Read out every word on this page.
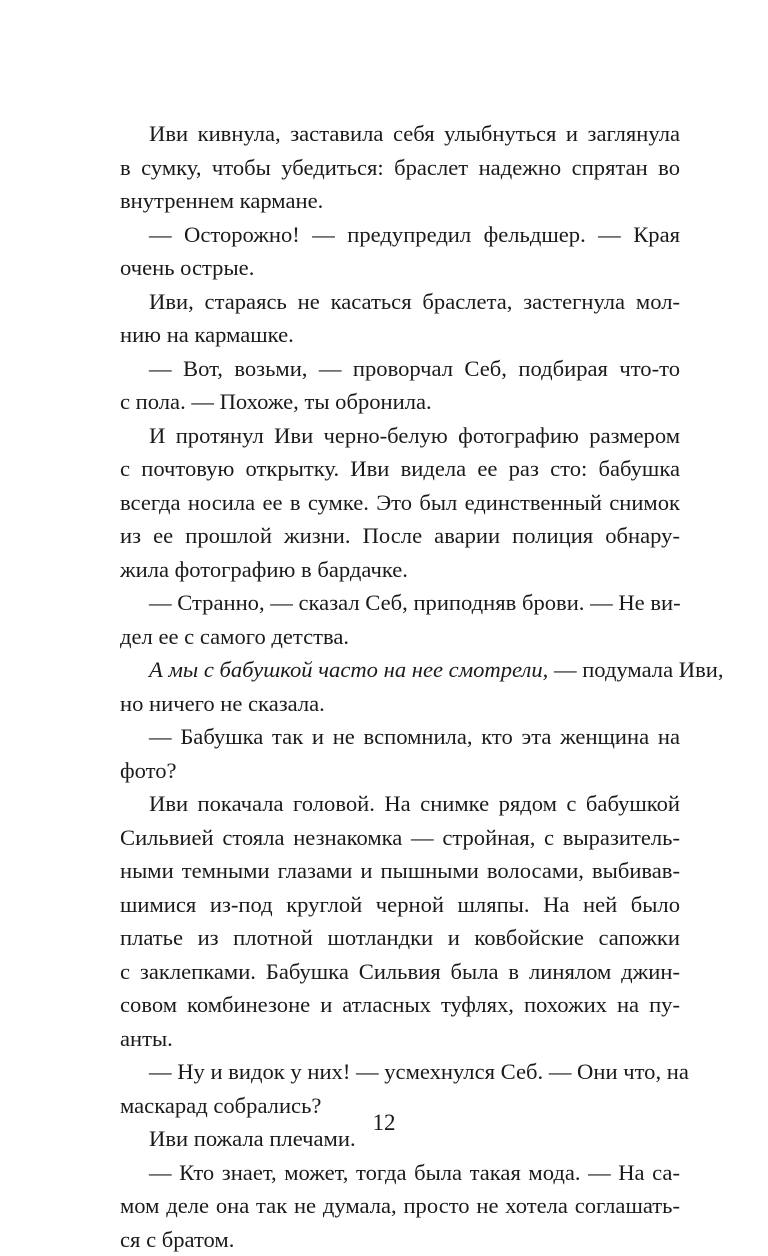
Иви кивнула, заставила себя улыбнуться и заглянула
в сумку, чтобы убедиться: браслет надежно спрятан во
внутреннем кармане.
— Осторожно! — предупредил фельдшер. — Края
очень острые.
Иви, стараясь не касаться браслета, застегнула мол-
нию на кармашке.
— Вот, возьми, — проворчал Себ, подбирая что-то
с пола. — Похоже, ты обронила.
И протянул Иви черно-белую фотографию размером
с почтовую открытку. Иви видела ее раз сто: бабушка
всегда носила ее в сумке. Это был единственный снимок
из ее прошлой жизни. После аварии полиция обнару-
жила фотографию в бардачке.
— Странно, — сказал Себ, приподняв брови. — Не ви-
дел ее с самого детства.
А мы с бабушкой часто на нее смотрели, — подумала Иви,
но ничего не сказала.
— Бабушка так и не вспомнила, кто эта женщина на
фото?
Иви покачала головой. На снимке рядом с бабушкой
Сильвией стояла незнакомка — стройная, с выразитель-
ными темными глазами и пышными волосами, выбивав-
шимися из-под круглой черной шляпы. На ней было
платье из плотной шотландки и ковбойские сапожки
с заклепками. Бабушка Сильвия была в линялом джин-
совом комбинезоне и атласных туфлях, похожих на пу-
анты.
— Ну и видок у них! — усмехнулся Себ. — Они что, на
маскарад собрались?
Иви пожала плечами.
— Кто знает, может, тогда была такая мода. — На са-
мом деле она так не думала, просто не хотела соглашать-
ся с братом.
12
